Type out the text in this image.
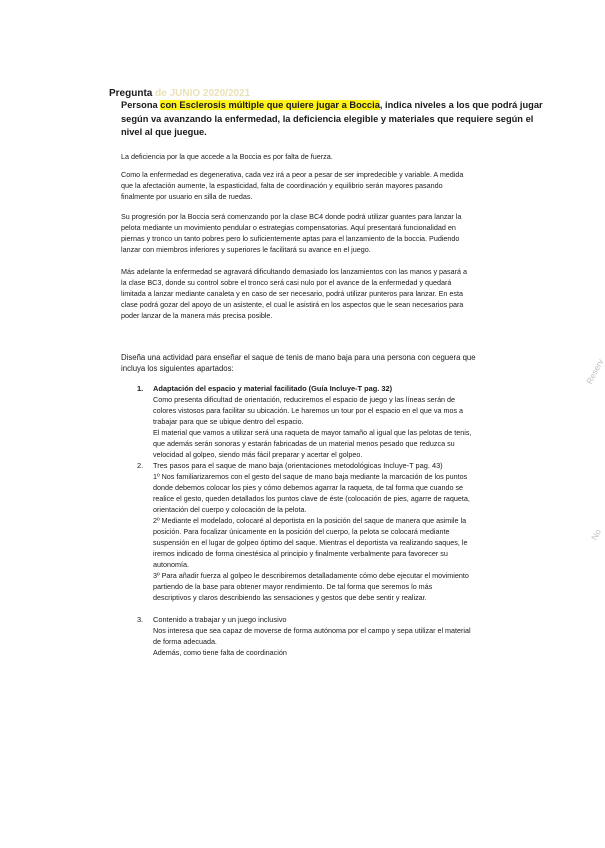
Pregunta de JUNIO 2020/2021

Persona con Esclerosis múltiple que quiere jugar a Boccia, indica niveles a los que podrá jugar

según va avanzando la enfermedad, la deficiencia elegible y materiales que requiere según el

nivel al que juegue.

La deficiencia por la que accede a la Boccia es por falta de fuerza.

Como la enfermedad es degenerativa, cada vez irá a peor a pesar de ser impredecible y variable. A medida

que la afectación aumente, la espasticidad, falta de coordinación y equilibrio serán mayores pasando

finalmente por usuario en silla de ruedas.

Su progresión por la Boccia será comenzando por la clase BC4 donde podrá utilizar guantes para lanzar la

pelota mediante un movimiento pendular o estrategias compensatorias. Aquí presentará funcionalidad en

piernas y tronco un tanto pobres pero lo suficientemente aptas para el lanzamiento de la boccia. Pudiendo

lanzar con miembros inferiores y superiores le facilitará su avance en el juego.

Más adelante la enfermedad se agravará dificultando demasiado los lanzamientos con las manos y pasará a

la clase BC3, donde su control sobre el tronco será casi nulo por el avance de la enfermedad y quedará

limitada a lanzar mediante canaleta y en caso de ser necesario, podrá utilizar punteros para lanzar. En esta

clase podrá gozar del apoyo de un asistente, el cual le asistirá en los aspectos que le sean necesarios para

poder lanzar de la manera más precisa posible.

Diseña una actividad para enseñar el saque de tenis de mano baja para una persona con ceguera que

incluya los siguientes apartados:

1. Adaptación del espacio y material facilitado (Guía Incluye-T pag. 32)

Como presenta dificultad de orientación, reduciremos el espacio de juego y las líneas serán de

colores vistosos para facilitar su ubicación. Le haremos un tour por el espacio en el que va mos a

trabajar para que se ubique dentro del espacio.

El material que vamos a utilizar será una raqueta de mayor tamaño al igual que las pelotas de tenis,

que además serán sonoras y estarán fabricadas de un material menos pesado que reduzca su

velocidad al golpeo, siendo más fácil preparar y acertar el golpeo.

2. Tres pasos para el saque de mano baja (orientaciones metodológicas Incluye-T pag. 43)

1º Nos familiarizaremos con el gesto del saque de mano baja mediante la marcación de los puntos

donde debemos colocar los pies y cómo debemos agarrar la raqueta, de tal forma que cuando se

realice el gesto, queden detallados los puntos clave de éste (colocación de pies, agarre de raqueta,

orientación del cuerpo y colocación de la pelota.

2º Mediante el modelado, colocaré al deportista en la posición del saque de manera que asimile la

posición. Para focalizar únicamente en la posición del cuerpo, la pelota se colocará mediante

suspensión en el lugar de golpeo óptimo del saque. Mientras el deportista va realizando saques, le

iremos indicado de forma cinestésica al principio y finalmente verbalmente para favorecer su

autonomía.

3º Para añadir fuerza al golpeo le describiremos detalladamente cómo debe ejecutar el movimiento

partiendo de la base para obtener mayor rendimiento. De tal forma que seremos lo más

descriptivos y claros describiendo las sensaciones y gestos que debe sentir y realizar.

3. Contenido a trabajar y un juego inclusivo

Nos interesa que sea capaz de moverse de forma autónoma por el campo y sepa utilizar el material

de forma adecuada.

Además, como tiene falta de coordinación

Reserv
No
